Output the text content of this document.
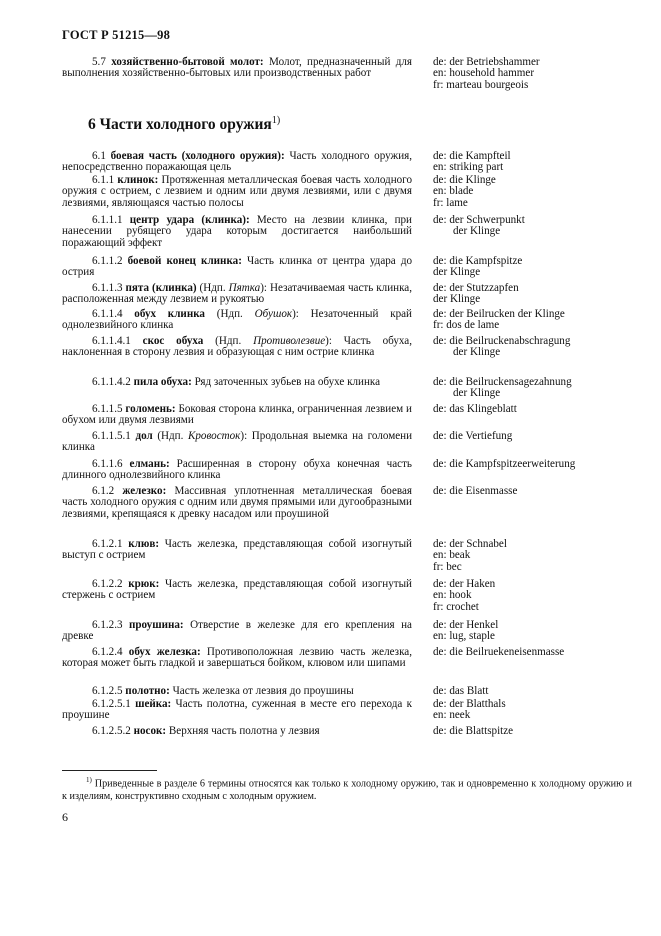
ГОСТ Р 51215—98
5.7 хозяйственно-бытовой молот: Молот, предназначенный для выполнения хозяйственно-бытовых или производственных работ
de: der Betriebshammer
en: household hammer
fr: marteau bourgeois
6 Части холодного оружия$^{1)}$
6.1 боевая часть (холодного оружия): Часть холодного оружия, непосредственно поражающая цель
de: die Kampfteil
en: striking part
6.1.1 клинок: Протяженная металлическая боевая часть холодного оружия с острием, с лезвием и одним или двумя лезвиями, или с двумя лезвиями, являющаяся частью полосы
de: die Klinge
en: blade
fr: lame
6.1.1.1 центр удара (клинка): Место на лезвии клинка, при нанесении рубящего удара которым достигается наибольший поражающий эффект
de: der Schwerpunkt
der Klinge
6.1.1.2 боевой конец клинка: Часть клинка от центра удара до острия
de: die Kampfspitze
der Klinge
6.1.1.3 пята (клинка) (Ндп. Пятка): Незатачиваемая часть клинка, расположенная между лезвием и рукоятью
de: der Stutzzapfen
der Klinge
6.1.1.4 обух клинка (Ндп. Обушок): Незаточенный край однолезвийного клинка
de: der Beilrucken der Klinge
fr: dos de lame
6.1.1.4.1 скос обуха (Ндп. Противолезвие): Часть обуха, наклоненная в сторону лезвия и образующая с ним острие клинка
de: die Beilruckenabschragung
der Klinge
6.1.1.4.2 пила обуха: Ряд заточенных зубьев на обухе клинка	de: die Beilruckensagezahnung
der Klinge
6.1.1.5 голомень: Боковая сторона клинка, ограниченная лезвием и обухом или двумя лезвиями
de: das Klingeblatt
6.1.1.5.1 дол (Ндп. Кровосток): Продольная выемка на голомени клинка
de: die Vertiefung
6.1.1.6 елмань: Расширенная в сторону обуха конечная часть длинного однолезвийного клинка
de: die Kampfspitzeerweiterung
6.1.2 железко: Массивная уплотненная металлическая боевая часть холодного оружия с одним или двумя прямыми или дугообразными лезвиями, крепящаяся к древку насадом или проушиной
de: die Eisenmasse
6.1.2.1 клюв: Часть железка, представляющая собой изогнутый выступ с острием
de: der Schnabel
en: beak
fr: bec
6.1.2.2 крюк: Часть железка, представляющая собой изогнутый стержень с острием
de: der Haken
en: hook
fr: crochet
6.1.2.3 проушина: Отверстие в железке для его крепления на древке
de: der Henkel
en: lug, staple
6.1.2.4 обух железка: Противоположная лезвию часть железка, которая может быть гладкой и завершаться бойком, клювом или шипами
de: die Beilruekeneisenmasse
6.1.2.5 полотно: Часть железка от лезвия до проушины	de: das Blatt
6.1.2.5.1 шейка: Часть полотна, суженная в месте его перехода к проушине
de: der Blatthals
en: neek
6.1.2.5.2 носок: Верхняя часть полотна у лезвия	de: die Blattspitze
$^{1)}$ Приведенные в разделе 6 термины относятся как только к холодному оружию, так и одновременно к холодному оружию и к изделиям, конструктивно сходным с холодным оружием.
6
